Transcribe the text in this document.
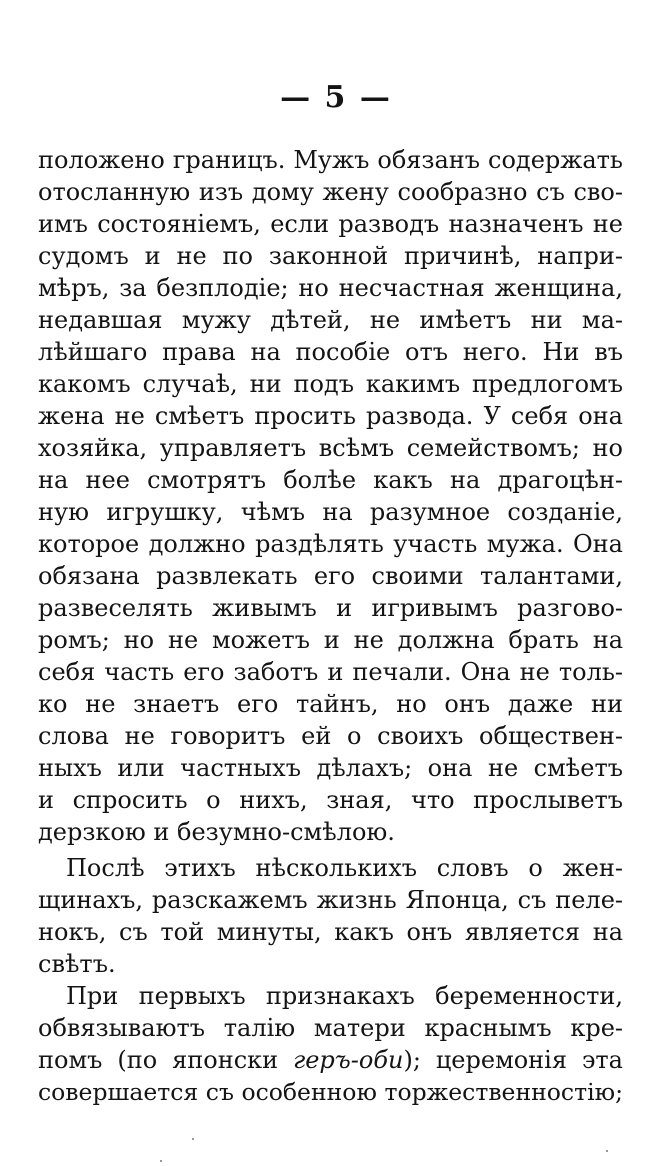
— 5 —
положено границъ. Мужъ обязанъ содержать
отосланную изъ дому жену сообразно съ сво-
имъ состоянiемъ, если разводъ назначенъ не
судомъ и не по законной причинѣ, напри-
мѣръ, за безплодiе; но несчастная женщина,
недавшая мужу дѣтей, не имѣетъ ни ма-
лѣйшаго права на пособie отъ него. Ни въ
какомъ случаѣ, ни подъ какимъ предлогомъ
жена не смѣетъ просить развода. У себя она
хозяйка, управляетъ всѣмъ семействомъ; но
на нее смотрятъ болѣе какъ на драгоцѣн-
ную игрушку, чѣмъ на разумное созданie,
которое должно раздѣлять участь мужа. Она
обязана развлекать его своими талантами,
развеселять живымъ и игривымъ разгово-
ромъ; но не можетъ и не должна брать на
себя часть его заботъ и печали. Она не толь-
ко не знаетъ его тайнъ, но онъ даже ни
слова не говоритъ ей о своихъ обществен-
ныхъ или частныхъ дѣлахъ; она не смѣетъ
и спросить о нихъ, зная, что прослыветъ
дерзкою и безумно-смѣлою.
Послѣ этихъ нѣсколькихъ словъ о жен-
щинахъ, разскажемъ жизнь Японца, съ пеле-
нокъ, съ той минуты, какъ онъ является на
свѣтъ.
При первыхъ признакахъ беременности,
обвязываютъ талiю матери краснымъ кре-
помъ (по японски геръ-оби); церемонiя эта
совершается съ особенною торжественностiю;
